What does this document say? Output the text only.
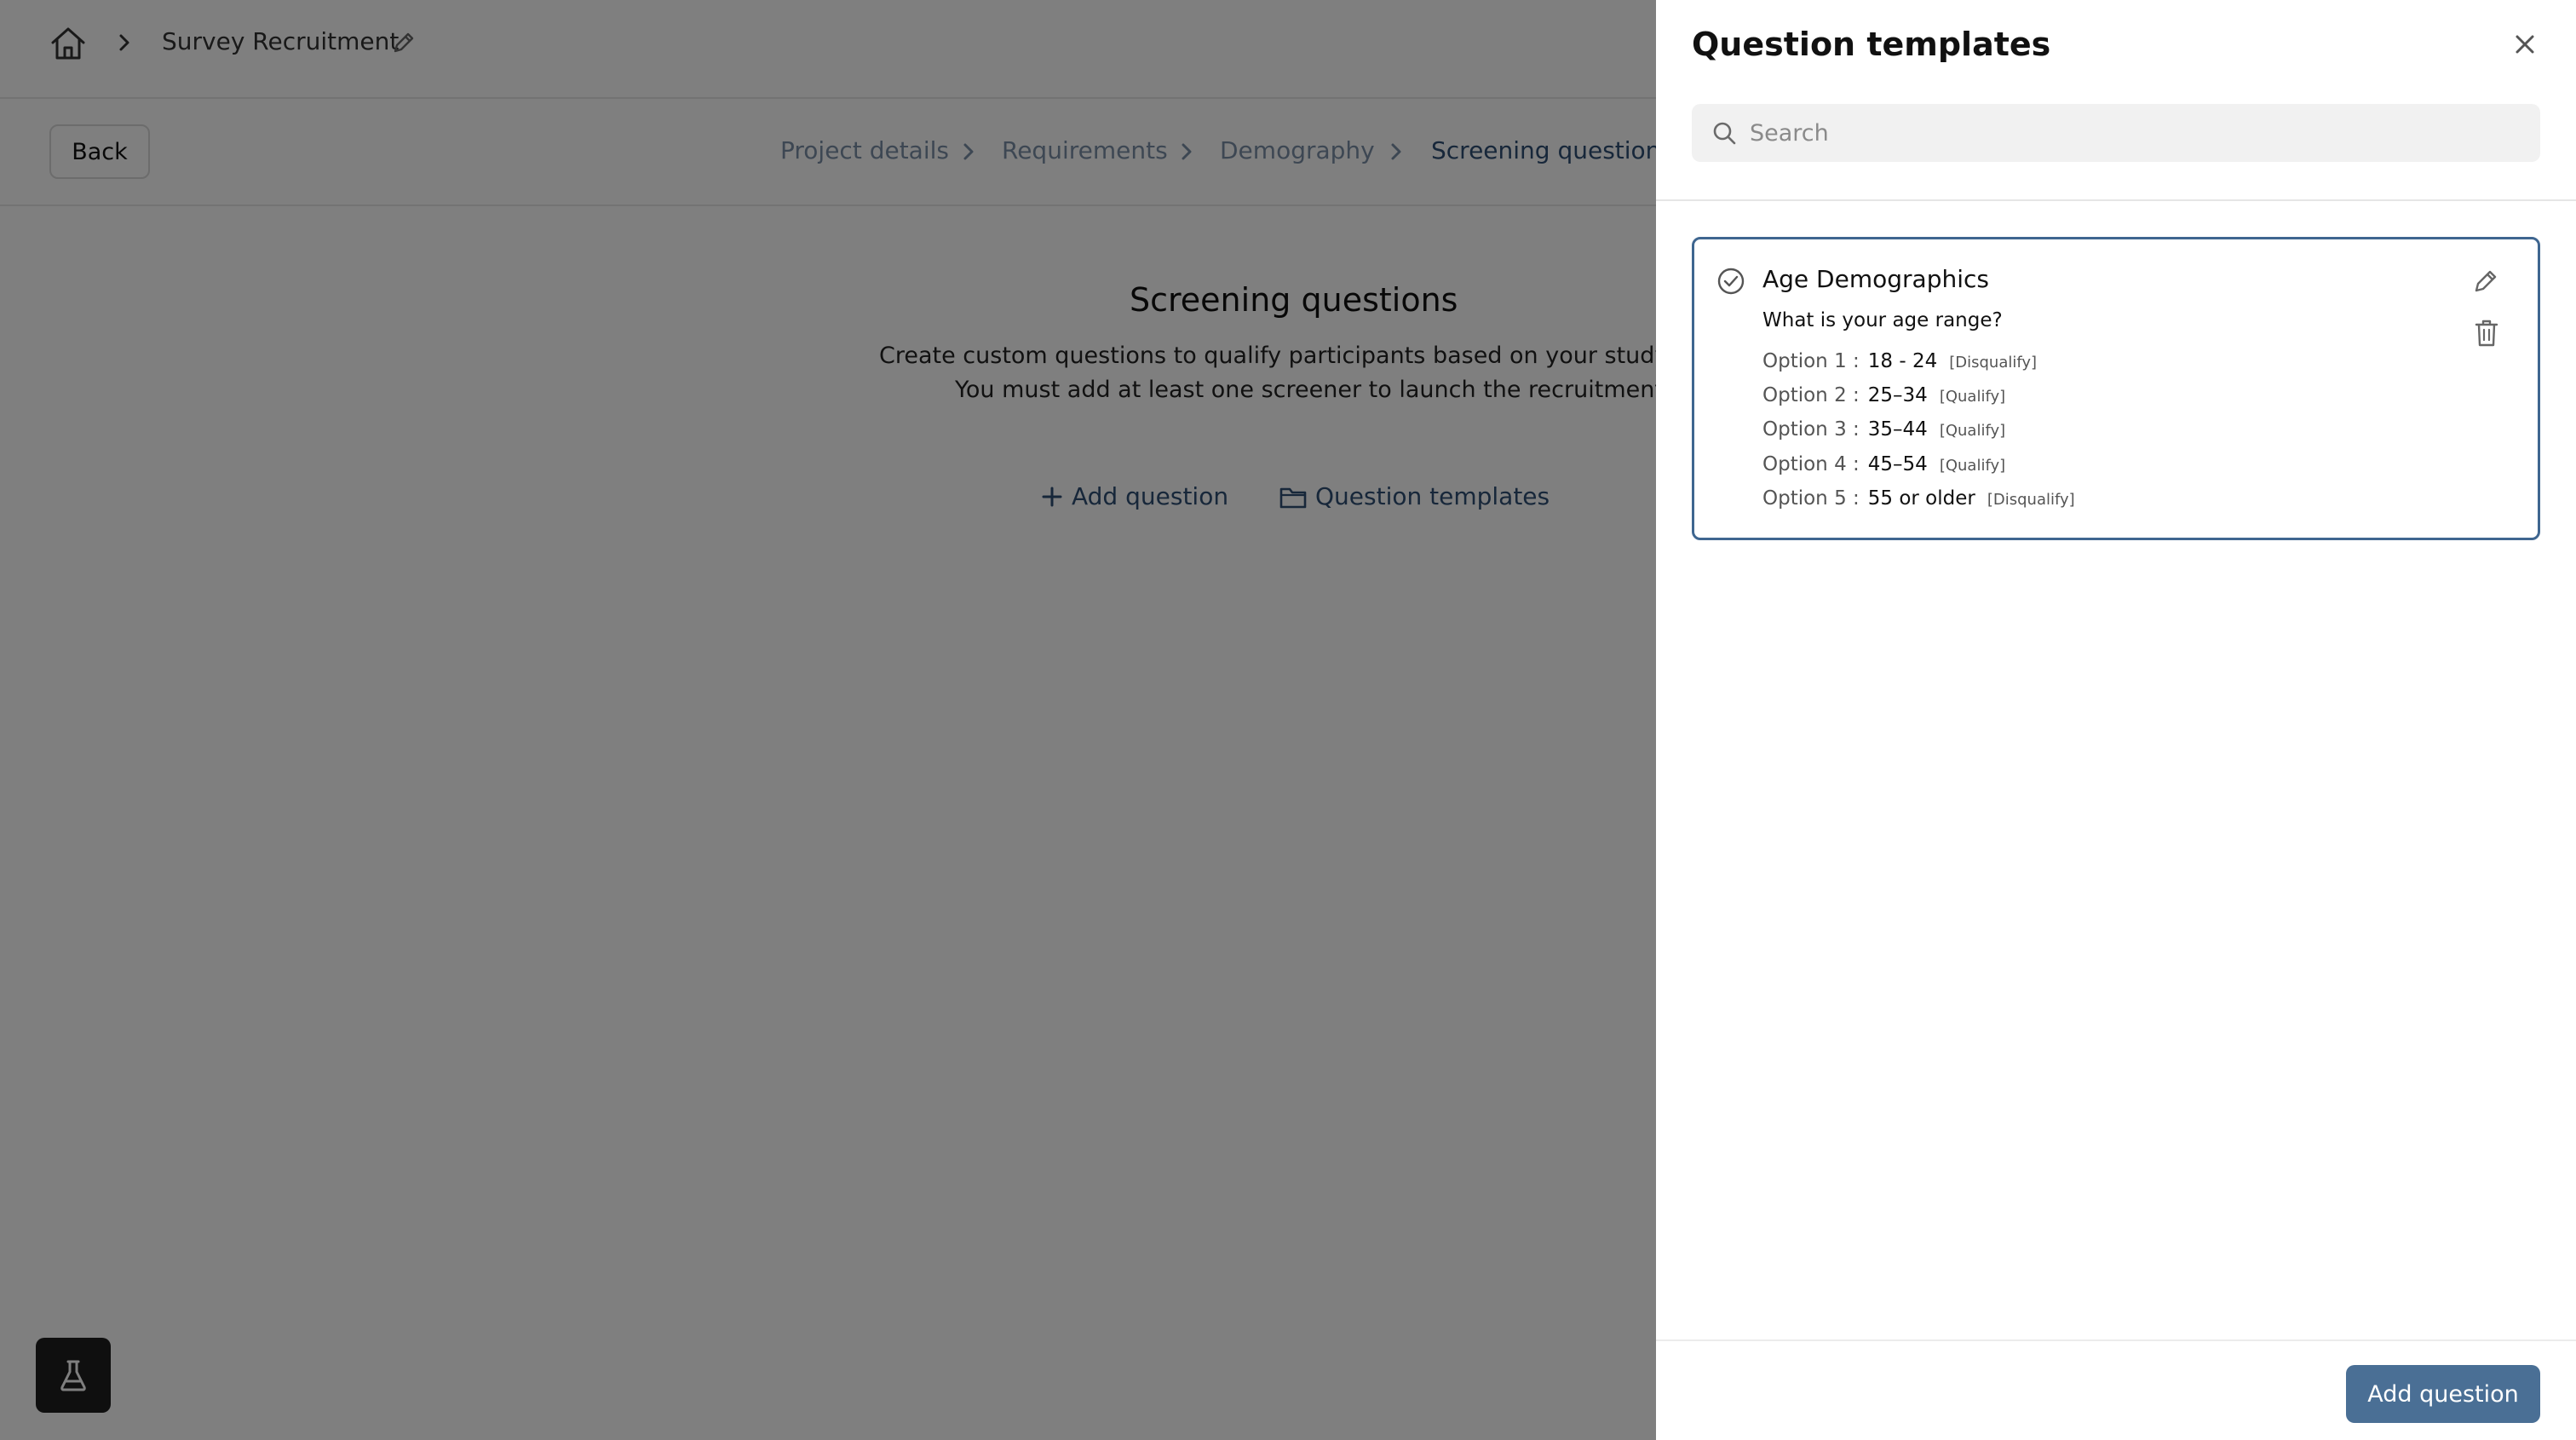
Question templates
Search
Age Demographics
What is your age range?
Option 1 : 18 - 24 [Disqualify]
Option 2 : 25–34 [Qualify]
Option 3 : 35–44 [Qualify]
Option 4 : 45–54 [Qualify]
Option 5 : 55 or older [Disqualify]
Add question
